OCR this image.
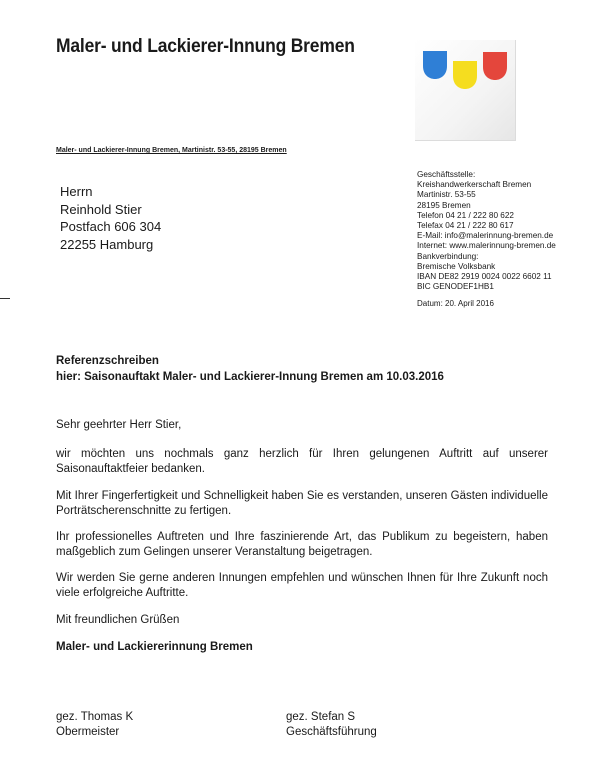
Maler- und Lackierer-Innung Bremen
Maler- und Lackierer-Innung Bremen, Martinistr. 53-55, 28195 Bremen
Herrn
Reinhold Stier
Postfach 606 304
22255 Hamburg
Geschäftsstelle:
Kreishandwerkerschaft Bremen
Martinistr. 53-55
28195 Bremen
Telefon 04 21 / 222 80 622
Telefax 04 21 / 222 80 617
E-Mail: info@malerinnung-bremen.de
Internet: www.malerinnung-bremen.de
Bankverbindung:
Bremische Volksbank
IBAN DE82 2919 0024 0022 6602 11
BIC GENODEF1HB1
Datum: 20. April 2016
Referenzschreiben
hier: Saisonauftakt Maler- und Lackierer-Innung Bremen am 10.03.2016
Sehr geehrter Herr Stier,
wir möchten uns nochmals ganz herzlich für Ihren gelungenen Auftritt auf unserer Saisonauftaktfeier bedanken.
Mit Ihrer Fingerfertigkeit und Schnelligkeit haben Sie es verstanden, unseren Gästen individuelle Porträtscherenschnitte zu fertigen.
Ihr professionelles Auftreten und Ihre faszinierende Art, das Publikum zu begeistern, haben maßgeblich zum Gelingen unserer Veranstaltung beigetragen.
Wir werden Sie gerne anderen Innungen empfehlen und wünschen Ihnen für Ihre Zukunft noch viele erfolgreiche Auftritte.
Mit freundlichen Grüßen
Maler- und Lackiererinnung Bremen
gez. Thomas K
Obermeister
gez. Stefan S
Geschäftsführung
